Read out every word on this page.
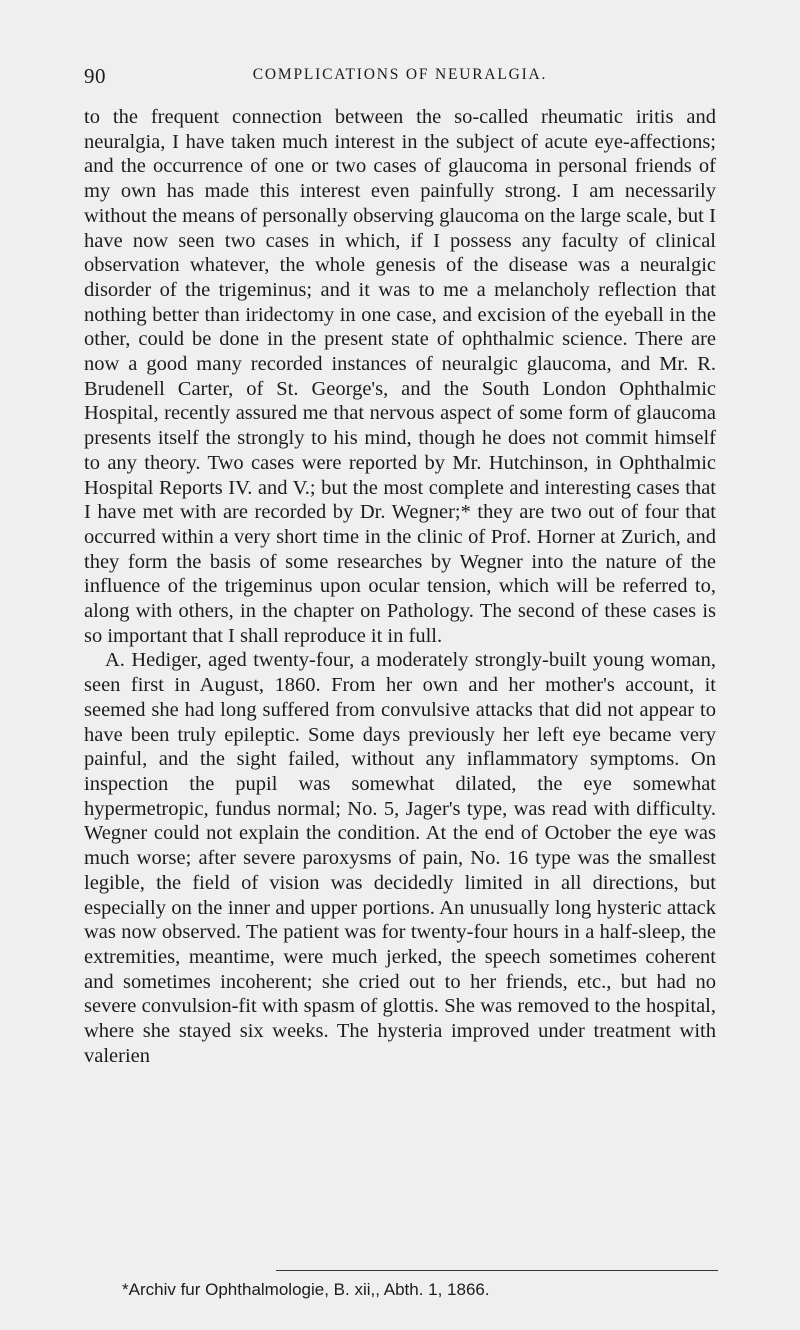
90	COMPLICATIONS OF NEURALGIA.

to the frequent connection between the so-called rheumatic iritis and neuralgia, I have taken much interest in the subject of acute eye-affections; and the occurrence of one or two cases of glaucoma in personal friends of my own has made this interest even painfully strong. I am necessarily without the means of personally observing glaucoma on the large scale, but I have now seen two cases in which, if I possess any faculty of clinical observation whatever, the whole genesis of the disease was a neuralgic disorder of the trigeminus; and it was to me a melancholy reflection that nothing better than iridectomy in one case, and excision of the eyeball in the other, could be done in the present state of ophthalmic science. There are now a good many recorded instances of neuralgic glaucoma, and Mr. R. Brudenell Carter, of St. George's, and the South London Ophthalmic Hospital, recently assured me that nervous aspect of some form of glaucoma presents itself the strongly to his mind, though he does not commit himself to any theory. Two cases were reported by Mr. Hutchinson, in Ophthalmic Hospital Reports IV. and V.; but the most complete and interesting cases that I have met with are recorded by Dr. Wegner;* they are two out of four that occurred within a very short time in the clinic of Prof. Horner at Zurich, and they form the basis of some researches by Wegner into the nature of the influence of the trigeminus upon ocular tension, which will be referred to, along with others, in the chapter on Pathology. The second of these cases is so important that I shall reproduce it in full.

A. Hediger, aged twenty-four, a moderately strongly-built young woman, seen first in August, 1860. From her own and her mother's account, it seemed she had long suffered from convulsive attacks that did not appear to have been truly epileptic. Some days previously her left eye became very painful, and the sight failed, without any inflammatory symptoms. On inspection the pupil was somewhat dilated, the eye somewhat hypermetropic, fundus normal; No. 5, Jager's type, was read with difficulty. Wegner could not explain the condition. At the end of October the eye was much worse; after severe paroxysms of pain, No. 16 type was the smallest legible, the field of vision was decidedly limited in all directions, but especially on the inner and upper portions. An unusually long hysteric attack was now observed. The patient was for twenty-four hours in a half-sleep, the extremities, meantime, were much jerked, the speech sometimes coherent and sometimes incoherent; she cried out to her friends, etc., but had no severe convulsion-fit with spasm of glottis. She was removed to the hospital, where she stayed six weeks. The hysteria improved under treatment with valerien

*Archiv fur Ophthalmologie, B. xii,, Abth. 1, 1866.
